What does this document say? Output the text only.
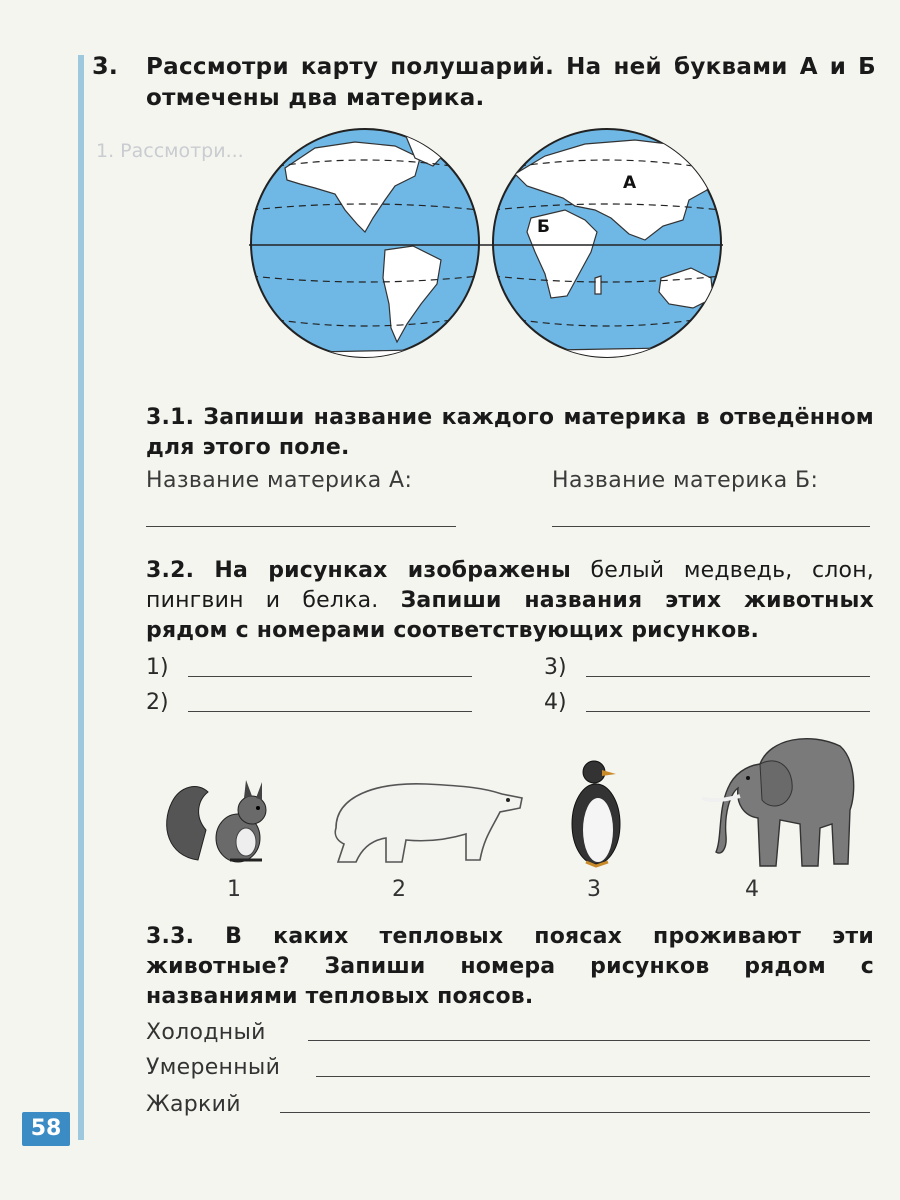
1. Рассмотри...
3. Рассмотри карту полушарий. На ней буквами А и Б отмечены два материка.
А
Б
3.1. Запиши название каждого материка в отведённом для этого поле.
Название материка А:	Название материка Б:
3.2. На рисунках изображены белый медведь, слон, пингвин и белка. Запиши названия этих животных рядом с номерами соответствующих рисунков.
1)
2)
3)
4)
1	2	3	4
3.3. В каких тепловых поясах проживают эти животные? Запиши номера рисунков рядом с названиями тепловых поясов.
Холодный
Умеренный
Жаркий
58
